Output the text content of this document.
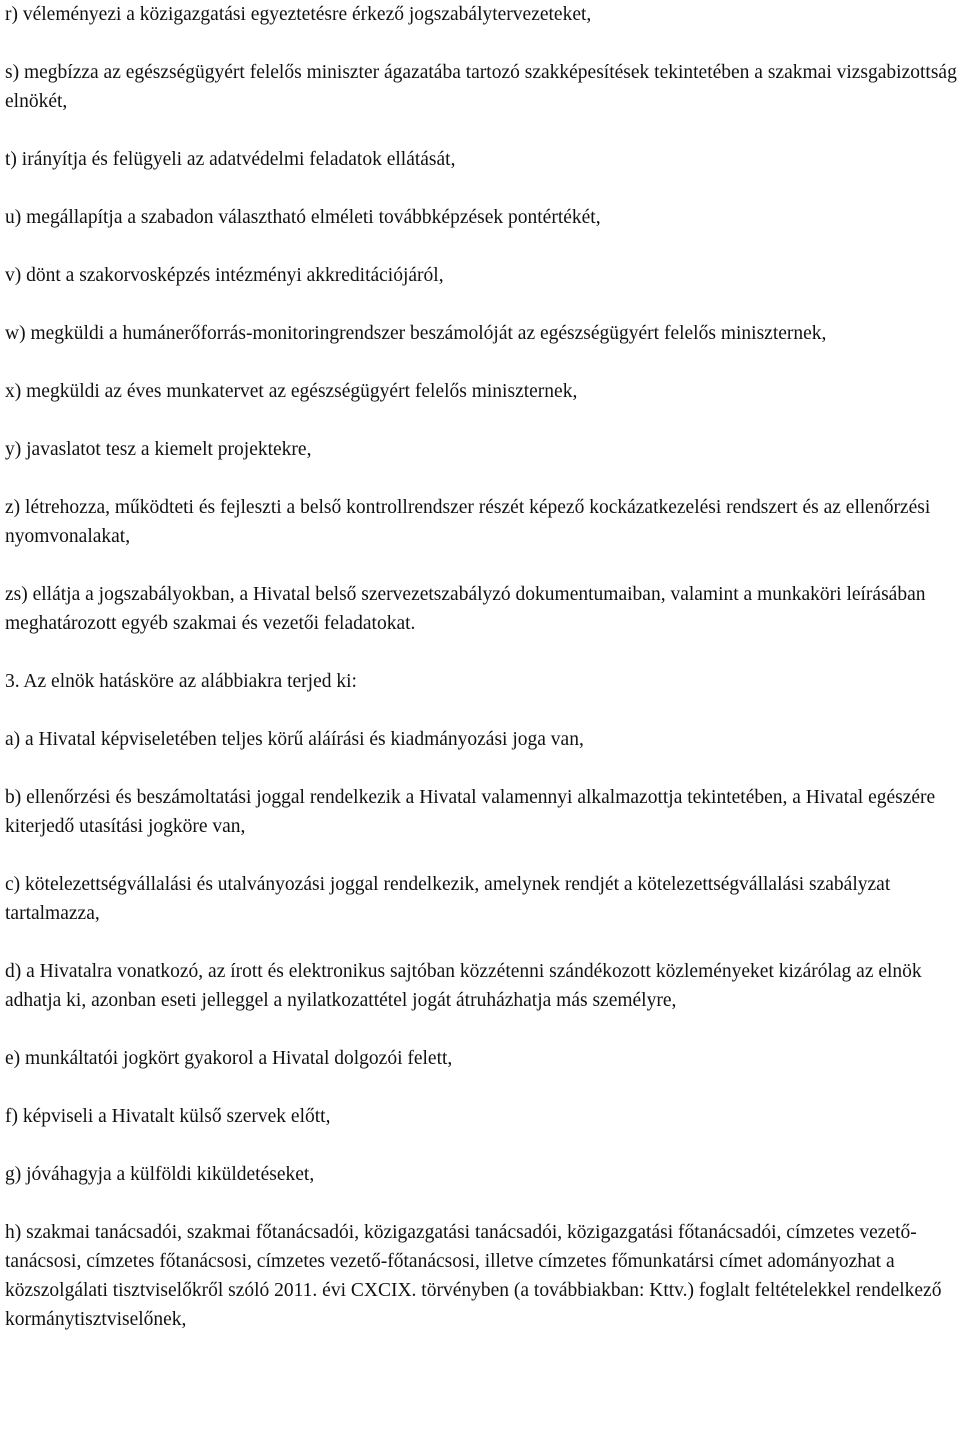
r) véleményezi a közigazgatási egyeztetésre érkező jogszabálytervezeteket,

s) megbízza az egészségügyért felelős miniszter ágazatába tartozó szakképesítések tekintetében a szakmai vizsgabizottság elnökét,

t) irányítja és felügyeli az adatvédelmi feladatok ellátását,

u) megállapítja a szabadon választható elméleti továbbképzések pontértékét,

v) dönt a szakorvosképzés intézményi akkreditációjáról,

w) megküldi a humánerőforrás-monitoringrendszer beszámolóját az egészségügyért felelős miniszternek,

x) megküldi az éves munkatervet az egészségügyért felelős miniszternek,

y) javaslatot tesz a kiemelt projektekre,

z) létrehozza, működteti és fejleszti a belső kontrollrendszer részét képező kockázatkezelési rendszert és az ellenőrzési nyomvonalakat,

zs) ellátja a jogszabályokban, a Hivatal belső szervezetszabályzó dokumentumaiban, valamint a munkaköri leírásában meghatározott egyéb szakmai és vezetői feladatokat.

3. Az elnök hatásköre az alábbiakra terjed ki:

a) a Hivatal képviseletében teljes körű aláírási és kiadmányozási joga van,

b) ellenőrzési és beszámoltatási joggal rendelkezik a Hivatal valamennyi alkalmazottja tekintetében, a Hivatal egészére kiterjedő utasítási jogköre van,

c) kötelezettségvállalási és utalványozási joggal rendelkezik, amelynek rendjét a kötelezettségvállalási szabályzat tartalmazza,

d) a Hivatalra vonatkozó, az írott és elektronikus sajtóban közzétenni szándékozott közleményeket kizárólag az elnök adhatja ki, azonban eseti jelleggel a nyilatkozattétel jogát átruházhatja más személyre,

e) munkáltatói jogkört gyakorol a Hivatal dolgozói felett,

f) képviseli a Hivatalt külső szervek előtt,

g) jóváhagyja a külföldi kiküldetéseket,

h) szakmai tanácsadói, szakmai főtanácsadói, közigazgatási tanácsadói, közigazgatási főtanácsadói, címzetes vezető-tanácsosi, címzetes főtanácsosi, címzetes vezető-főtanácsosi, illetve címzetes főmunkatársi címet adományozhat a közszolgálati tisztviselőkről szóló 2011. évi CXCIX. törvényben (a továbbiakban: Kttv.) foglalt feltételekkel rendelkező kormánytisztviselőnek,
